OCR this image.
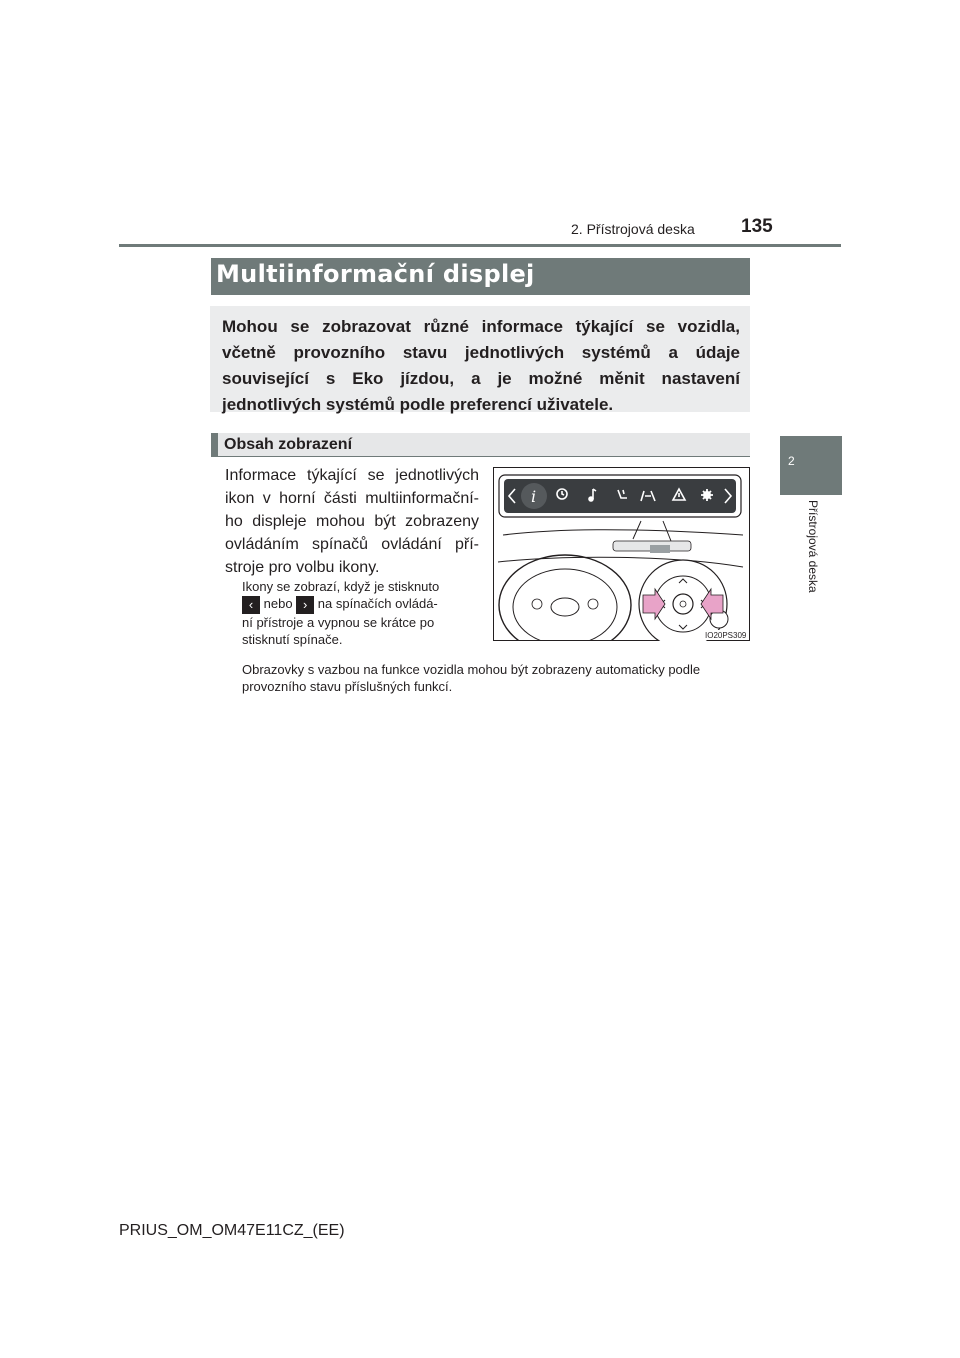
2. Přístrojová deska 135
2
Přístrojová deska
Multiinformační displej
Mohou se zobrazovat různé informace týkající se vozidla, včetně provozního stavu jednotlivých systémů a údaje související s Eko jízdou, a je možné měnit nastavení jednotlivých systémů podle preferencí uživatele.
Obsah zobrazení
Informace týkající se jednotlivých ikon v horní části multiinformační-ho displeje mohou být zobrazeny ovládáním spínačů ovládání pří-stroje pro volbu ikony.
Ikony se zobrazí, když je stisknuto
‹ nebo › na spínačích ovládá-
ní přístroje a vypnou se krátce po
stisknutí spínače.
Obrazovky s vazbou na funkce vozidla mohou být zobrazeny automaticky podle provozního stavu příslušných funkcí.
i
IO20PS309
PRIUS_OM_OM47E11CZ_(EE)
